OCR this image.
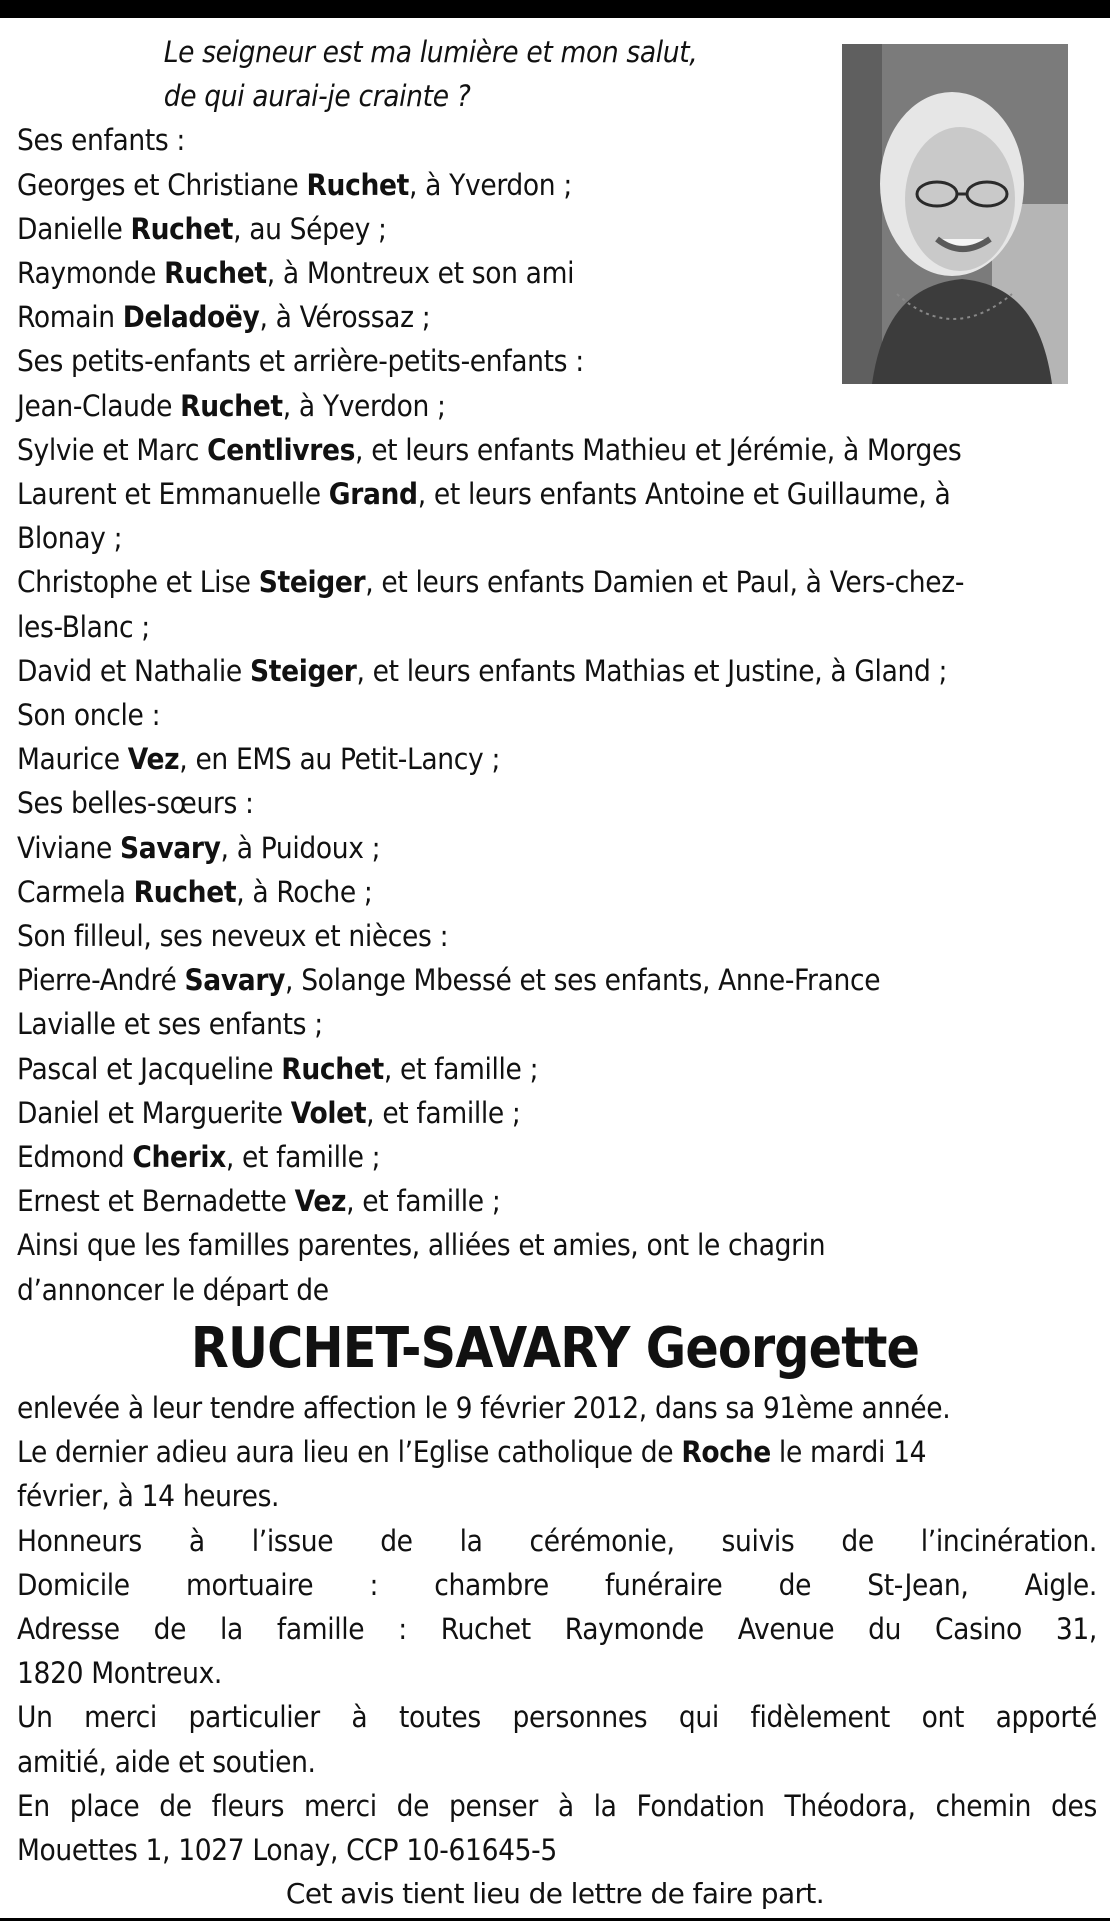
Le seigneur est ma lumière et mon salut,
de qui aurai-je crainte ?
Ses enfants :
Georges et Christiane Ruchet, à Yverdon ;
Danielle Ruchet, au Sépey ;
Raymonde Ruchet, à Montreux et son ami
Romain Deladoëy, à Vérossaz ;
Ses petits-enfants et arrière-petits-enfants :
Jean-Claude Ruchet, à Yverdon ;
Sylvie et Marc Centlivres, et leurs enfants Mathieu et Jérémie, à Morges
Laurent et Emmanuelle Grand, et leurs enfants Antoine et Guillaume, à
Blonay ;
Christophe et Lise Steiger, et leurs enfants Damien et Paul, à Vers-chez-
les-Blanc ;
David et Nathalie Steiger, et leurs enfants Mathias et Justine, à Gland ;
Son oncle :
Maurice Vez, en EMS au Petit-Lancy ;
Ses belles-sœurs :
Viviane Savary, à Puidoux ;
Carmela Ruchet, à Roche ;
Son filleul, ses neveux et nièces :
Pierre-André Savary, Solange Mbessé et ses enfants, Anne-France
Lavialle et ses enfants ;
Pascal et Jacqueline Ruchet, et famille ;
Daniel et Marguerite Volet, et famille ;
Edmond Cherix, et famille ;
Ernest et Bernadette Vez, et famille ;
Ainsi que les familles parentes, alliées et amies, ont le chagrin
d’annoncer le départ de
RUCHET-SAVARY Georgette
enlevée à leur tendre affection le 9 février 2012, dans sa 91ème année.
Le dernier adieu aura lieu en l’Eglise catholique de Roche le mardi 14
février, à 14 heures.
Honneurs à l’issue de la cérémonie, suivis de l’incinération.
Domicile mortuaire : chambre funéraire de St-Jean, Aigle.
Adresse de la famille : Ruchet Raymonde Avenue du Casino 31,
1820 Montreux.
Un merci particulier à toutes personnes qui fidèlement ont apporté
amitié, aide et soutien.
En place de fleurs merci de penser à la Fondation Théodora, chemin des
Mouettes 1, 1027 Lonay, CCP 10-61645-5
Cet avis tient lieu de lettre de faire part.
